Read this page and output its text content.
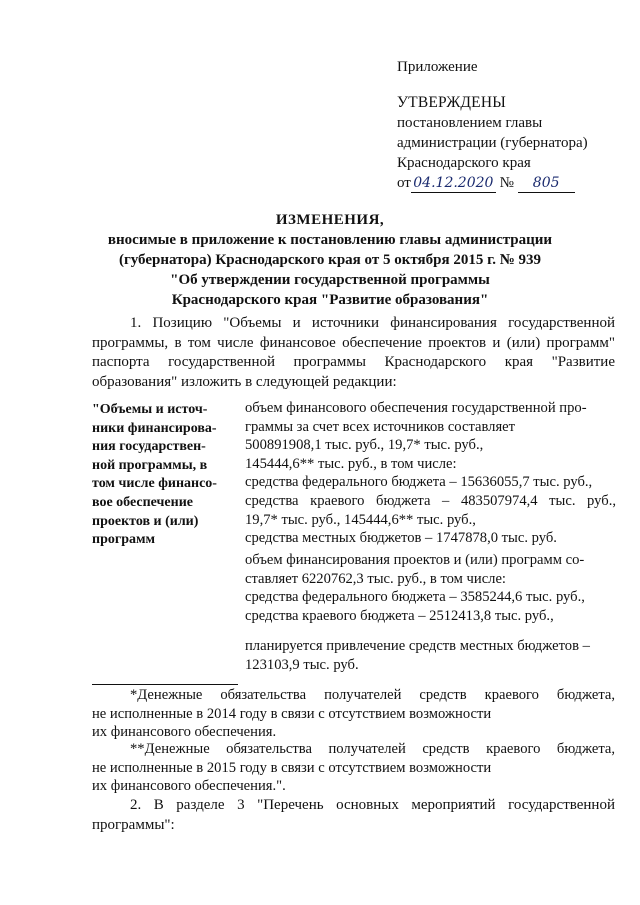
Приложение
УТВЕРЖДЕНЫ
постановлением главы
администрации (губернатора)
Краснодарского края
от 04.12.2020 № 805
ИЗМЕНЕНИЯ,
вносимые в приложение к постановлению главы администрации
(губернатора) Краснодарского края от 5 октября 2015 г. № 939
"Об утверждении государственной программы
Краснодарского края "Развитие образования"
1. Позицию "Объемы и источники финансирования государственной программы, в том числе финансовое обеспечение проектов и (или) программ" паспорта государственной программы Краснодарского края "Развитие образования" изложить в следующей редакции:
"Объемы и источ-
ники финансирова-
ния государствен-
ной программы, в
том числе финансо-
вое обеспечение
проектов и (или)
программ
объем финансового обеспечения государственной про-
граммы за счет всех источников составляет
500891908,1 тыс. руб., 19,7* тыс. руб.,
145444,6** тыс. руб., в том числе:
средства федерального бюджета – 15636055,7 тыс. руб.,
средства краевого бюджета – 483507974,4 тыс. руб.,
19,7* тыс. руб., 145444,6** тыс. руб.,
средства местных бюджетов – 1747878,0 тыс. руб.
объем финансирования проектов и (или) программ со-
ставляет 6220762,3 тыс. руб., в том числе:
средства федерального бюджета – 3585244,6 тыс. руб.,
средства краевого бюджета – 2512413,8 тыс. руб.,
планируется привлечение средств местных бюджетов –
123103,9 тыс. руб.
*Денежные обязательства получателей средств краевого бюджета,
не исполненные в 2014 году в связи с отсутствием возможности
их финансового обеспечения.
**Денежные обязательства получателей средств краевого бюджета,
не исполненные в 2015 году в связи с отсутствием возможности
их финансового обеспечения.".
2. В разделе 3 "Перечень основных мероприятий государственной программы":
